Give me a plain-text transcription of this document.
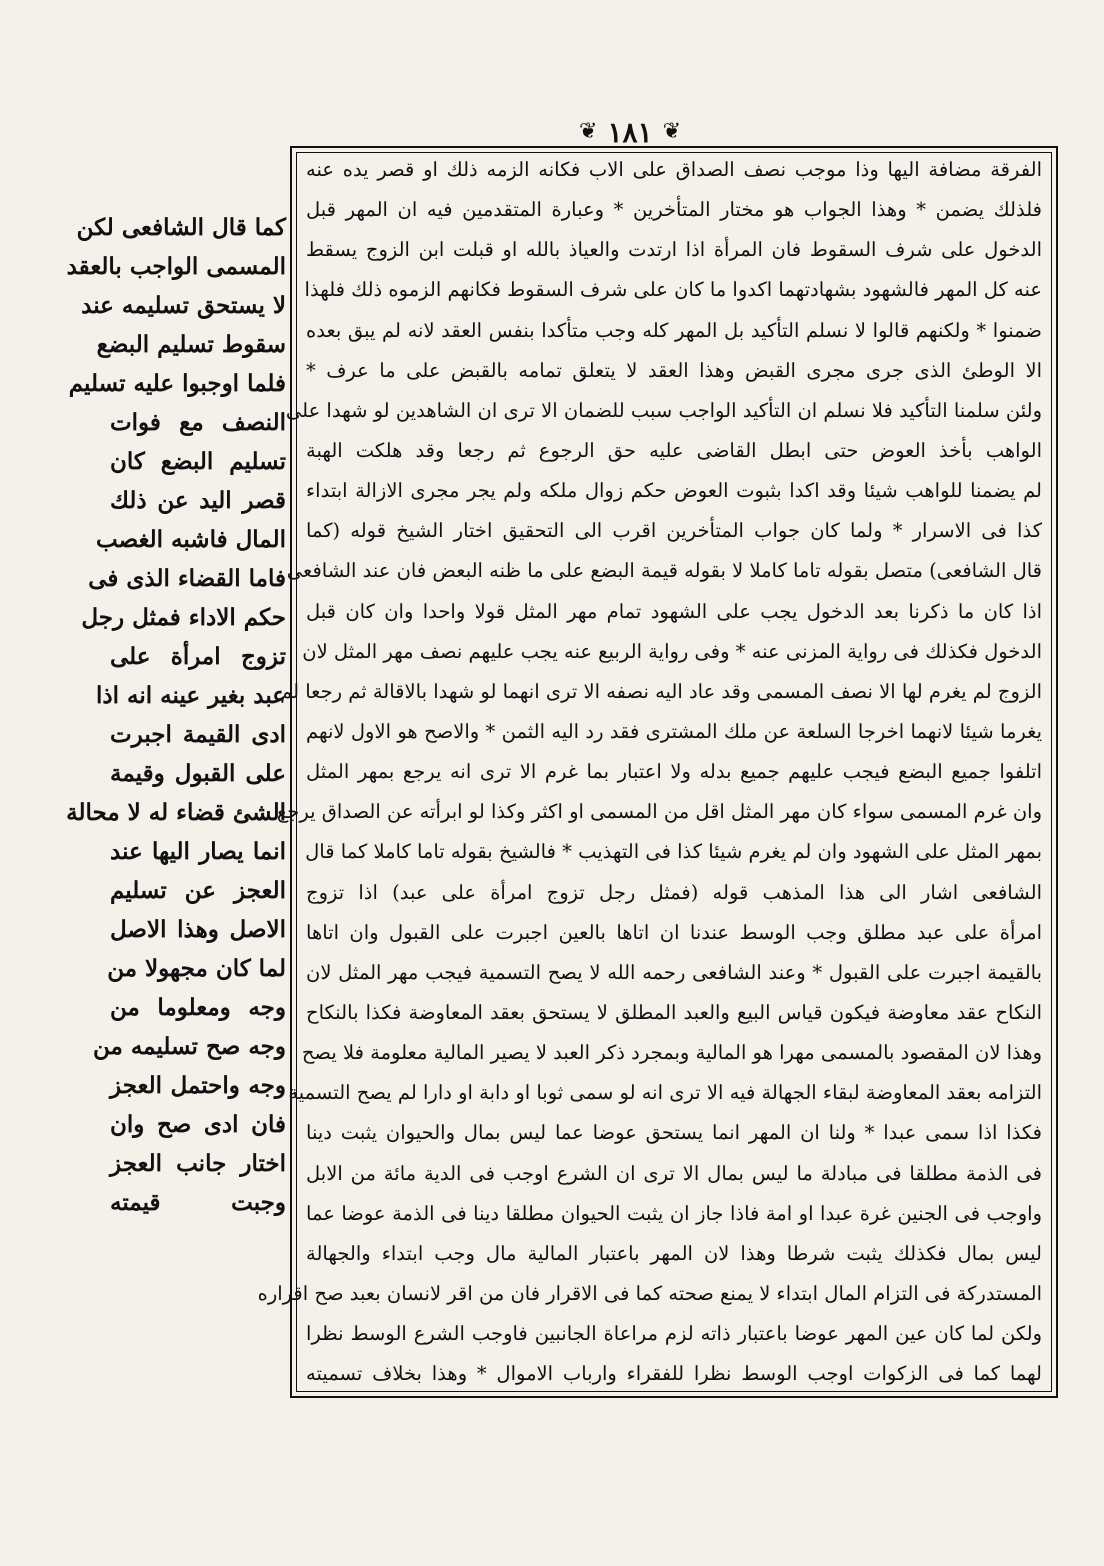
❦ ١٨١ ❦
الفرقة مضافة اليها وذا موجب نصف الصداق على الاب فكانه الزمه ذلك او قصر يده عنه
فلذلك يضمن * وهذا الجواب هو مختار المتأخرين * وعبارة المتقدمين فيه ان المهر قبل
الدخول على شرف السقوط فان المرأة اذا ارتدت والعياذ بالله او قبلت ابن الزوج يسقط
عنه كل المهر فالشهود بشهادتهما اكدوا ما كان على شرف السقوط فكانهم الزموه ذلك فلهذا
ضمنوا * ولكنهم قالوا لا نسلم التأكيد بل المهر كله وجب متأكدا بنفس العقد لانه لم يبق بعده
الا الوطئ الذى جرى مجرى القبض وهذا العقد لا يتعلق تمامه بالقبض على ما عرف *
ولئن سلمنا التأكيد فلا نسلم ان التأكيد الواجب سبب للضمان الا ترى ان الشاهدين لو شهدا على
الواهب بأخذ العوض حتى ابطل القاضى عليه حق الرجوع ثم رجعا وقد هلكت الهبة
لم يضمنا للواهب شيئا وقد اكدا بثبوت العوض حكم زوال ملكه ولم يجر مجرى الازالة ابتداء
كذا فى الاسرار * ولما كان جواب المتأخرين اقرب الى التحقيق اختار الشيخ قوله (كما
قال الشافعى) متصل بقوله تاما كاملا لا بقوله قيمة البضع على ما ظنه البعض فان عند الشافعى
اذا كان ما ذكرنا بعد الدخول يجب على الشهود تمام مهر المثل قولا واحدا وان كان قبل
الدخول فكذلك فى رواية المزنى عنه * وفى رواية الربيع عنه يجب عليهم نصف مهر المثل لان
الزوج لم يغرم لها الا نصف المسمى وقد عاد اليه نصفه الا ترى انهما لو شهدا بالاقالة ثم رجعا لم
يغرما شيئا لانهما اخرجا السلعة عن ملك المشترى فقد رد اليه الثمن * والاصح هو الاول لانهم
اتلفوا جميع البضع فيجب عليهم جميع بدله ولا اعتبار بما غرم الا ترى انه يرجع بمهر المثل
وان غرم المسمى سواء كان مهر المثل اقل من المسمى او اكثر وكذا لو ابرأته عن الصداق يرجع
بمهر المثل على الشهود وان لم يغرم شيئا كذا فى التهذيب * فالشيخ بقوله تاما كاملا كما قال
الشافعى اشار الى هذا المذهب قوله (فمثل رجل تزوج امرأة على عبد) اذا تزوج
امرأة على عبد مطلق وجب الوسط عندنا ان اتاها بالعين اجبرت على القبول وان اتاها
بالقيمة اجبرت على القبول * وعند الشافعى رحمه الله لا يصح التسمية فيجب مهر المثل لان
النكاح عقد معاوضة فيكون قياس البيع والعبد المطلق لا يستحق بعقد المعاوضة فكذا بالنكاح
وهذا لان المقصود بالمسمى مهرا هو المالية وبمجرد ذكر العبد لا يصير المالية معلومة فلا يصح
التزامه بعقد المعاوضة لبقاء الجهالة فيه الا ترى انه لو سمى ثوبا او دابة او دارا لم يصح التسمية
فكذا اذا سمى عبدا * ولنا ان المهر انما يستحق عوضا عما ليس بمال والحيوان يثبت دينا
فى الذمة مطلقا فى مبادلة ما ليس بمال الا ترى ان الشرع اوجب فى الدية مائة من الابل
واوجب فى الجنين غرة عبدا او امة فاذا جاز ان يثبت الحيوان مطلقا دينا فى الذمة عوضا عما
ليس بمال فكذلك يثبت شرطا وهذا لان المهر باعتبار المالية مال وجب ابتداء والجهالة
المستدركة فى التزام المال ابتداء لا يمنع صحته كما فى الاقرار فان من اقر لانسان بعبد صح اقراره
ولكن لما كان عين المهر عوضا باعتبار ذاته لزم مراعاة الجانبين فاوجب الشرع الوسط نظرا
لهما كما فى الزكوات اوجب الوسط نظرا للفقراء وارباب الاموال * وهذا بخلاف تسميته
كما قال الشافعى لكن
المسمى الواجب بالعقد
لا يستحق تسليمه عند
سقوط تسليم البضع
فلما اوجبوا عليه تسليم
النصف مع فوات
تسليم البضع كان
قصر اليد عن ذلك
المال فاشبه الغصب
فاما القضاء الذى فى
حكم الاداء فمثل رجل
تزوج امرأة على
عبد بغير عينه انه اذا
ادى القيمة اجبرت
على القبول وقيمة
الشئ قضاء له لا محالة
انما يصار اليها عند
العجز عن تسليم
الاصل وهذا الاصل
لما كان مجهولا من
وجه ومعلوما من
وجه صح تسليمه من
وجه واحتمل العجز
فان ادى صح وان
اختار جانب العجز
وجبت قيمته
